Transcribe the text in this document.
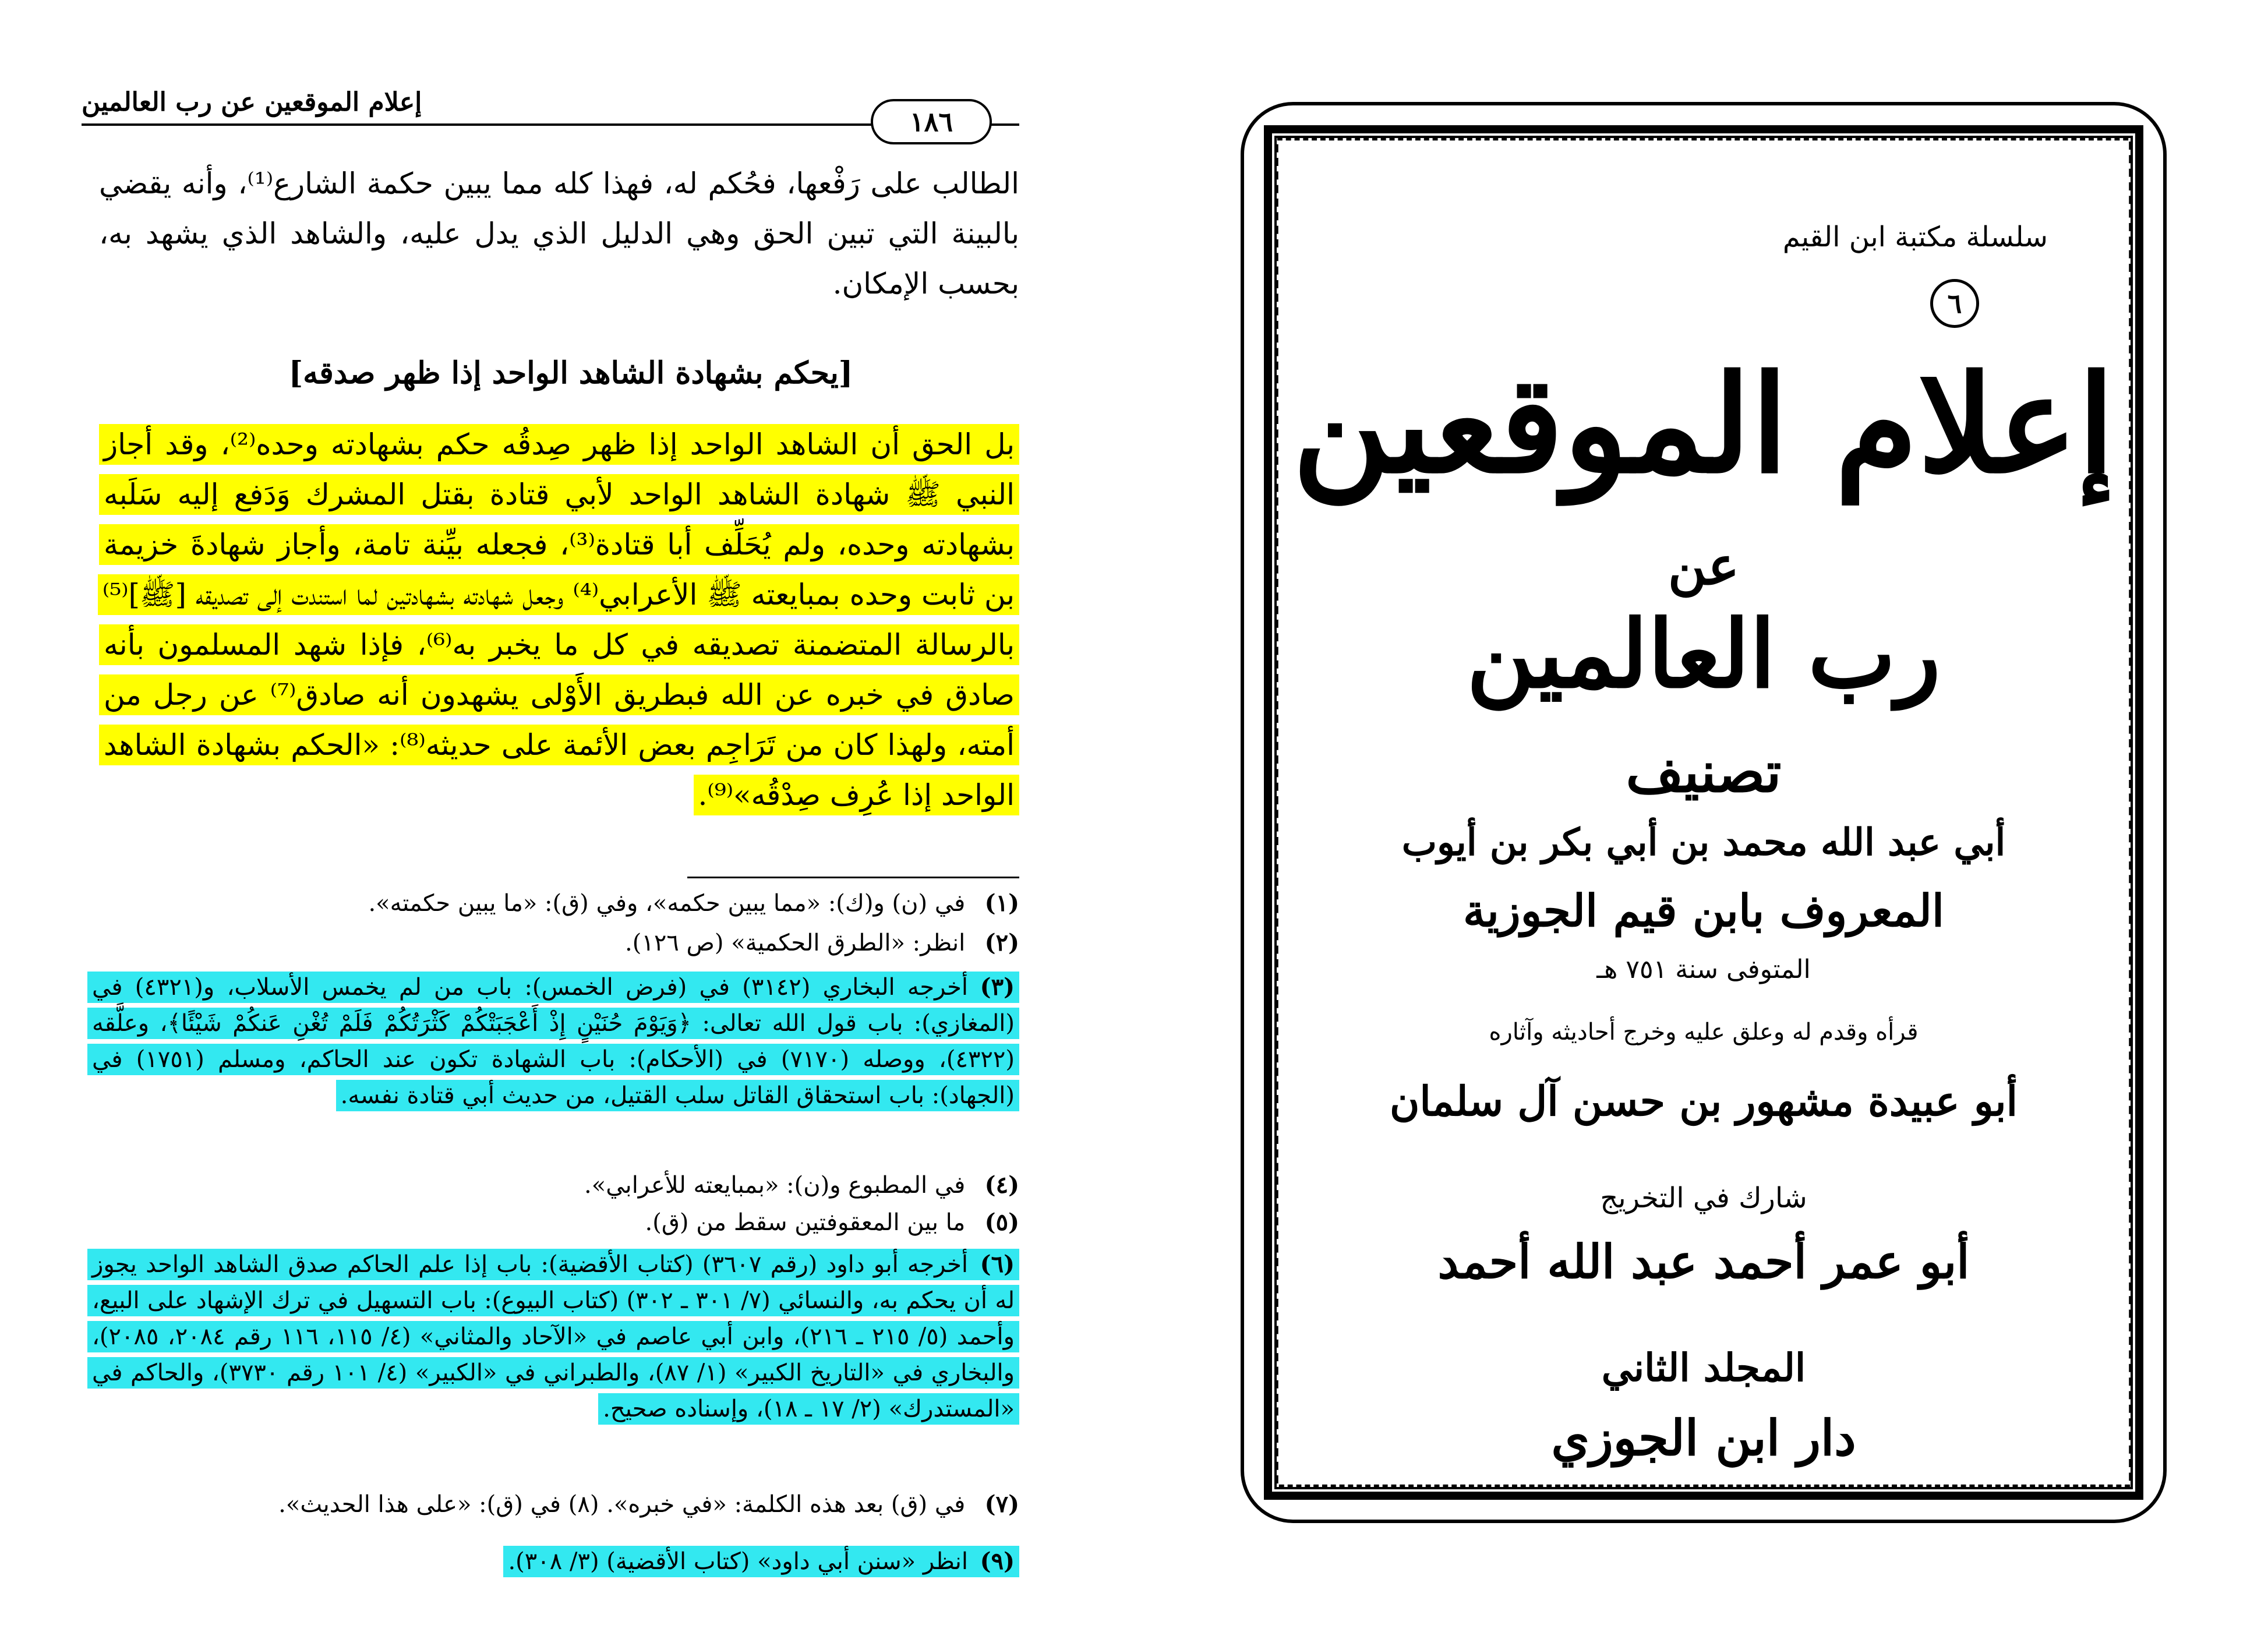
إعلام الموقعين عن رب العالمين
١٨٦
الطالب على رَفْعها، فحُكم له، فهذا كله مما يبين حكمة الشارع⁽¹⁾، وأنه يقضي بالبينة التي تبين الحق وهي الدليل الذي يدل عليه، والشاهد الذي يشهد به، بحسب الإمكان.
[يحكم بشهادة الشاهد الواحد إذا ظهر صدقه]
بل الحق أن الشاهد الواحد إذا ظهر صِدقُه حكم بشهادته وحده⁽²⁾، وقد أجاز النبي ﷺ شهادة الشاهد الواحد لأبي قتادة بقتل المشرك وَدَفع إليه سَلَبه بشهادته وحده، ولم يُحَلِّف أبا قتادة⁽³⁾، فجعله بيِّنة تامة، وأجاز شهادةَ خزيمة بن ثابت وحده بمبايعته ﷺ الأعرابي⁽⁴⁾ وجعل شهادته بشهادتين لما استندت إلى تصديقه [ﷺ]⁽⁵⁾ بالرسالة المتضمنة تصديقه في كل ما يخبر به⁽⁶⁾، فإذا شهد المسلمون بأنه صادق في خبره عن الله فبطريق الأَوْلى يشهدون أنه صادق⁽⁷⁾ عن رجل من أمته، ولهذا كان من تَرَاجِم بعض الأئمة على حديثه⁽⁸⁾: «الحكم بشهادة الشاهد الواحد إذا عُرِف صِدْقُه»⁽⁹⁾.
(١) في (ن) و(ك): «مما يبين حكمه»، وفي (ق): «ما يبين حكمته».
(٢) انظر: «الطرق الحكمية» (ص ١٢٦).
(٣)أخرجه البخاري (٣١٤٢) في (فرض الخمس): باب من لم يخمس الأسلاب، و(٤٣٢١) في (المغازي): باب قول الله تعالى: ﴿وَيَوْمَ حُنَيْنٍ إِذْ أَعْجَبَتْكُمْ كَثْرَتُكُمْ فَلَمْ تُغْنِ عَنكُمْ شَيْئًا﴾، وعلَّقه (٤٣٢٢)، ووصله (٧١٧٠) في (الأحكام): باب الشهادة تكون عند الحاكم، ومسلم (١٧٥١) في (الجهاد): باب استحقاق القاتل سلب القتيل، من حديث أبي قتادة نفسه.
(٤) في المطبوع و(ن): «بمبايعته للأعرابي».
(٥) ما بين المعقوفتين سقط من (ق).
(٦)أخرجه أبو داود (رقم ٣٦٠٧) (كتاب الأقضية): باب إذا علم الحاكم صدق الشاهد الواحد يجوز له أن يحكم به، والنسائي (٧/ ٣٠١ ـ ٣٠٢) (كتاب البيوع): باب التسهيل في ترك الإشهاد على البيع، وأحمد (٥/ ٢١٥ ـ ٢١٦)، وابن أبي عاصم في «الآحاد والمثاني» (٤/ ١١٥، ١١٦ رقم ٢٠٨٤، ٢٠٨٥)، والبخاري في «التاريخ الكبير» (١/ ٨٧)، والطبراني في «الكبير» (٤/ ١٠١ رقم ٣٧٣٠)، والحاكم في «المستدرك» (٢/ ١٧ ـ ١٨)، وإسناده صحيح.
(٧) في (ق) بعد هذه الكلمة: «في خبره». (٨) في (ق): «على هذا الحديث».
(٩)انظر «سنن أبي داود» (كتاب الأقضية) (٣/ ٣٠٨).
سلسلة مكتبة ابن القيم
٦
إعلام الموقعين
عن
رب العالمين
تصنيف
أبي عبد الله محمد بن أبي بكر بن أيوب
المعروف بابن قيم الجوزية
المتوفى سنة ٧٥١ هـ
قرأه وقدم له وعلق عليه وخرج أحاديثه وآثاره
أبو عبيدة مشهور بن حسن آل سلمان
شارك في التخريج
أبو عمر أحمد عبد الله أحمد
المجلد الثاني
دار ابن الجوزي
